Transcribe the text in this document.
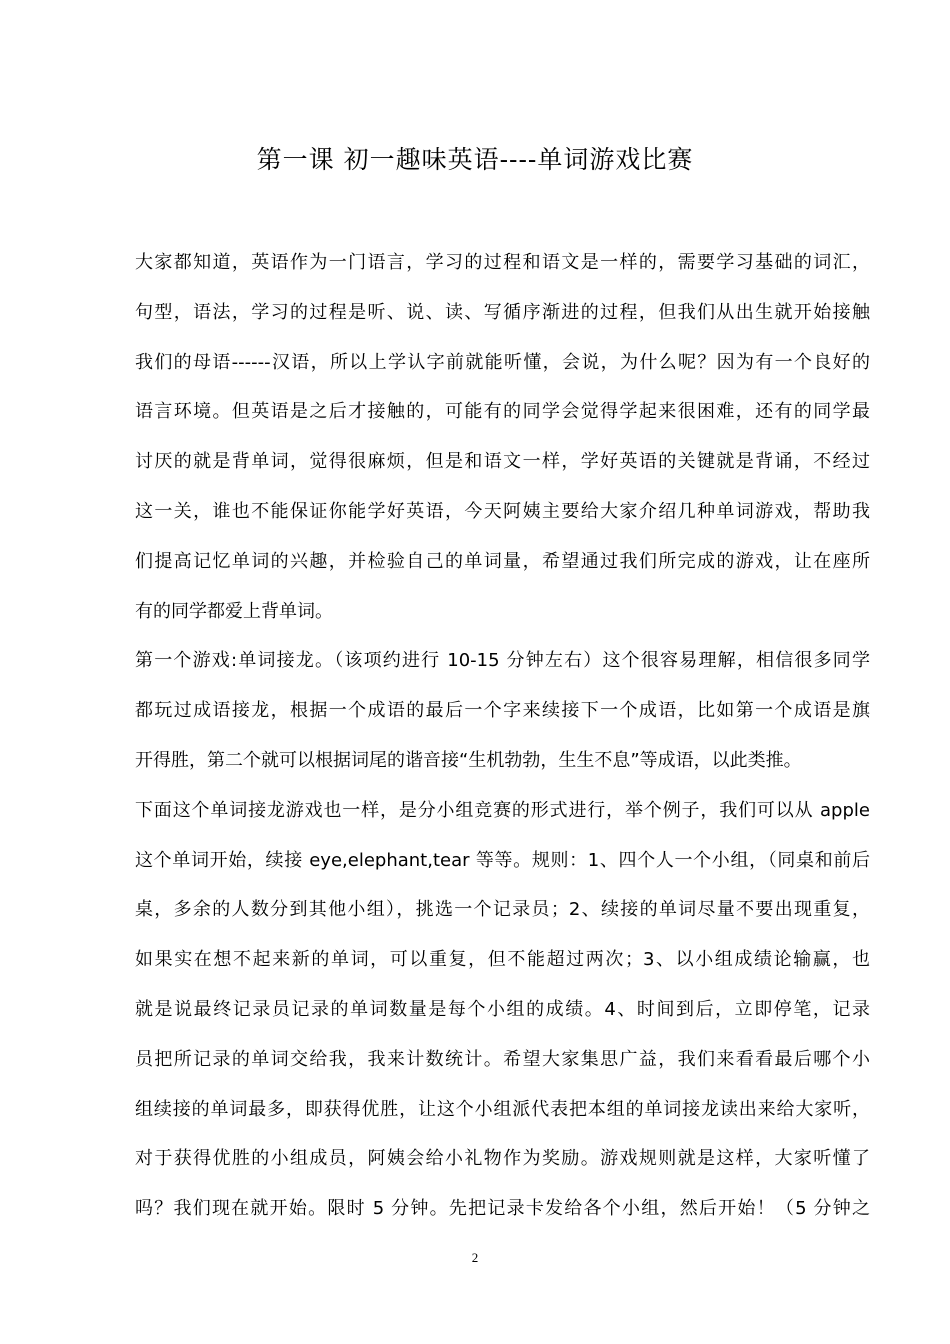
第一课 初一趣味英语----单词游戏比赛
大家都知道，英语作为一门语言，学习的过程和语文是一样的，需要学习基础的词汇，
句型，语法，学习的过程是听、说、读、写循序渐进的过程，但我们从出生就开始接触
我们的母语------汉语，所以上学认字前就能听懂，会说，为什么呢？因为有一个良好的
语言环境。但英语是之后才接触的，可能有的同学会觉得学起来很困难，还有的同学最
讨厌的就是背单词，觉得很麻烦，但是和语文一样，学好英语的关键就是背诵，不经过
这一关，谁也不能保证你能学好英语，今天阿姨主要给大家介绍几种单词游戏，帮助我
们提高记忆单词的兴趣，并检验自己的单词量，希望通过我们所完成的游戏，让在座所
有的同学都爱上背单词。
第一个游戏:单词接龙。（该项约进行 10-15 分钟左右）这个很容易理解，相信很多同学
都玩过成语接龙，根据一个成语的最后一个字来续接下一个成语，比如第一个成语是旗
开得胜，第二个就可以根据词尾的谐音接“生机勃勃，生生不息”等成语，以此类推。
下面这个单词接龙游戏也一样，是分小组竞赛的形式进行，举个例子，我们可以从 apple
这个单词开始，续接 eye,elephant,tear 等等。规则：1、四个人一个小组，（同桌和前后
桌，多余的人数分到其他小组），挑选一个记录员；2、续接的单词尽量不要出现重复，
如果实在想不起来新的单词，可以重复，但不能超过两次；3、以小组成绩论输赢，也
就是说最终记录员记录的单词数量是每个小组的成绩。4、时间到后，立即停笔，记录
员把所记录的单词交给我，我来计数统计。希望大家集思广益，我们来看看最后哪个小
组续接的单词最多，即获得优胜，让这个小组派代表把本组的单词接龙读出来给大家听，
对于获得优胜的小组成员，阿姨会给小礼物作为奖励。游戏规则就是这样，大家听懂了
吗？我们现在就开始。限时 5 分钟。先把记录卡发给各个小组，然后开始！（5 分钟之
2
